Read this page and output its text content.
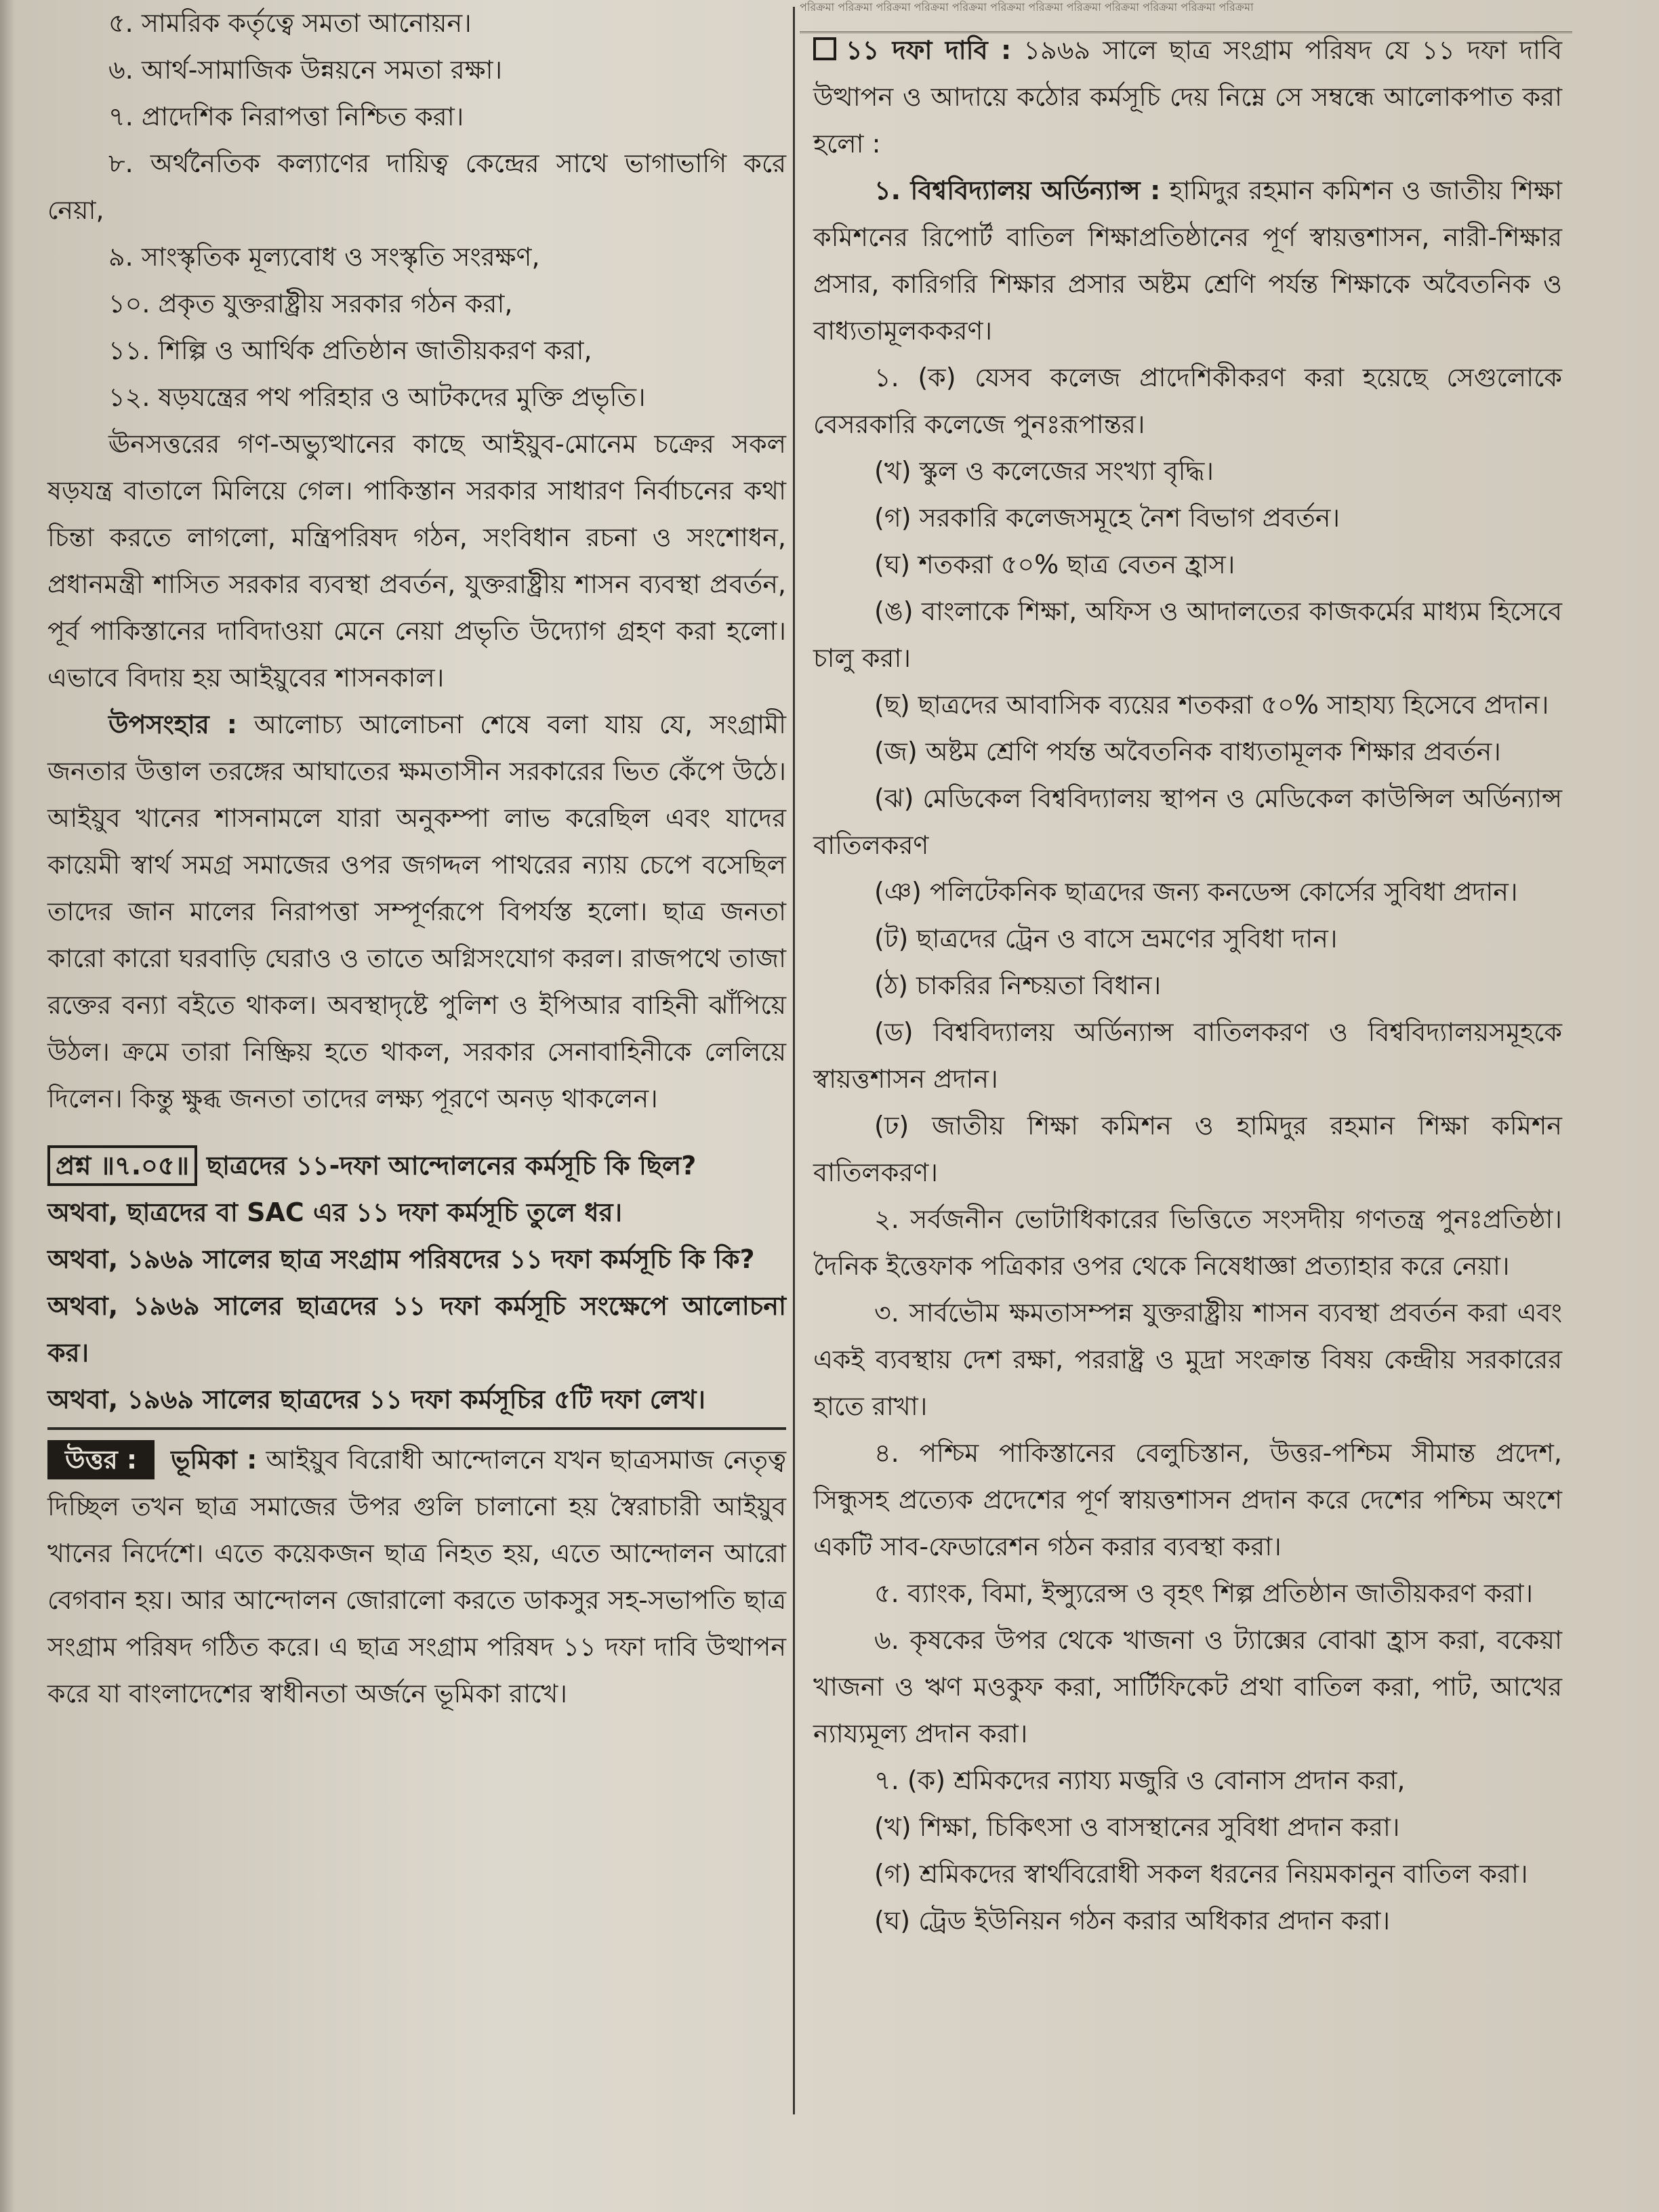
পরিক্রমা পরিক্রমা পরিক্রমা পরিক্রমা পরিক্রমা পরিক্রমা পরিক্রমা পরিক্রমা পরিক্রমা পরিক্রমা পরিক্রমা পরিক্রমা

৫. সামরিক কর্তৃত্বে সমতা আনোয়ন।

৬. আর্থ-সামাজিক উন্নয়নে সমতা রক্ষা।

৭. প্রাদেশিক নিরাপত্তা নিশ্চিত করা।

৮. অর্থনৈতিক কল্যাণের দায়িত্ব কেন্দ্রের সাথে ভাগাভাগি করে নেয়া,

৯. সাংস্কৃতিক মূল্যবোধ ও সংস্কৃতি সংরক্ষণ,

১০. প্রকৃত যুক্তরাষ্ট্রীয় সরকার গঠন করা,

১১. শিল্পি ও আর্থিক প্রতিষ্ঠান জাতীয়করণ করা,

১২. ষড়যন্ত্রের পথ পরিহার ও আটকদের মুক্তি প্রভৃতি।

ঊনসত্তরের গণ-অভ্যুত্থানের কাছে আইয়ুব-মোনেম চক্রের সকল ষড়যন্ত্র বাতালে মিলিয়ে গেল। পাকিস্তান সরকার সাধারণ নির্বাচনের কথা চিন্তা করতে লাগলো, মন্ত্রিপরিষদ গঠন, সংবিধান রচনা ও সংশোধন, প্রধানমন্ত্রী শাসিত সরকার ব্যবস্থা প্রবর্তন, যুক্তরাষ্ট্রীয় শাসন ব্যবস্থা প্রবর্তন, পূর্ব পাকিস্তানের দাবিদাওয়া মেনে নেয়া প্রভৃতি উদ্যোগ গ্রহণ করা হলো। এভাবে বিদায় হয় আইয়ুবের শাসনকাল।

উপসংহার : আলোচ্য আলোচনা শেষে বলা যায় যে, সংগ্রামী জনতার উত্তাল তরঙ্গের আঘাতের ক্ষমতাসীন সরকারের ভিত কেঁপে উঠে। আইয়ুব খানের শাসনামলে যারা অনুকম্পা লাভ করেছিল এবং যাদের কায়েমী স্বার্থ সমগ্র সমাজের ওপর জগদ্দল পাথরের ন্যায় চেপে বসেছিল তাদের জান মালের নিরাপত্তা সম্পূর্ণরূপে বিপর্যস্ত হলো। ছাত্র জনতা কারো কারো ঘরবাড়ি ঘেরাও ও তাতে অগ্নিসংযোগ করল। রাজপথে তাজা রক্তের বন্যা বইতে থাকল। অবস্থাদৃষ্টে পুলিশ ও ইপিআর বাহিনী ঝাঁপিয়ে উঠল। ক্রমে তারা নিষ্ক্রিয় হতে থাকল, সরকার সেনাবাহিনীকে লেলিয়ে দিলেন। কিন্তু ক্ষুব্ধ জনতা তাদের লক্ষ্য পূরণে অনড় থাকলেন।

প্রশ্ন ॥৭.০৫॥ ছাত্রদের ১১-দফা আন্দোলনের কর্মসূচি কি ছিল?

অথবা, ছাত্রদের বা SAC এর ১১ দফা কর্মসূচি তুলে ধর।

অথবা, ১৯৬৯ সালের ছাত্র সংগ্রাম পরিষদের ১১ দফা কর্মসূচি কি কি?

অথবা, ১৯৬৯ সালের ছাত্রদের ১১ দফা কর্মসূচি সংক্ষেপে আলোচনা কর।

অথবা, ১৯৬৯ সালের ছাত্রদের ১১ দফা কর্মসূচির ৫টি দফা লেখ।

উত্তর : ভূমিকা : আইয়ুব বিরোধী আন্দোলনে যখন ছাত্রসমাজ নেতৃত্ব দিচ্ছিল তখন ছাত্র সমাজের উপর গুলি চালানো হয় স্বৈরাচারী আইয়ুব খানের নির্দেশে। এতে কয়েকজন ছাত্র নিহত হয়, এতে আন্দোলন আরো বেগবান হয়। আর আন্দোলন জোরালো করতে ডাকসুর সহ-সভাপতি ছাত্র সংগ্রাম পরিষদ গঠিত করে। এ ছাত্র সংগ্রাম পরিষদ ১১ দফা দাবি উত্থাপন করে যা বাংলাদেশের স্বাধীনতা অর্জনে ভূমিকা রাখে।

১১ দফা দাবি : ১৯৬৯ সালে ছাত্র সংগ্রাম পরিষদ যে ১১ দফা দাবি উত্থাপন ও আদায়ে কঠোর কর্মসূচি দেয় নিম্নে সে সম্বন্ধে আলোকপাত করা হলো :

১. বিশ্ববিদ্যালয় অর্ডিন্যান্স : হামিদুর রহমান কমিশন ও জাতীয় শিক্ষা কমিশনের রিপোর্ট বাতিল শিক্ষাপ্রতিষ্ঠানের পূর্ণ স্বায়ত্তশাসন, নারী-শিক্ষার প্রসার, কারিগরি শিক্ষার প্রসার অষ্টম শ্রেণি পর্যন্ত শিক্ষাকে অবৈতনিক ও বাধ্যতামূলককরণ।

১. (ক) যেসব কলেজ প্রাদেশিকীকরণ করা হয়েছে সেগুলোকে বেসরকারি কলেজে পুনঃরূপান্তর।

(খ) স্কুল ও কলেজের সংখ্যা বৃদ্ধি।

(গ) সরকারি কলেজসমূহে নৈশ বিভাগ প্রবর্তন।

(ঘ) শতকরা ৫০% ছাত্র বেতন হ্রাস।

(ঙ) বাংলাকে শিক্ষা, অফিস ও আদালতের কাজকর্মের মাধ্যম হিসেবে চালু করা।

(ছ) ছাত্রদের আবাসিক ব্যয়ের শতকরা ৫০% সাহায্য হিসেবে প্রদান।

(জ) অষ্টম শ্রেণি পর্যন্ত অবৈতনিক বাধ্যতামূলক শিক্ষার প্রবর্তন।

(ঝ) মেডিকেল বিশ্ববিদ্যালয় স্থাপন ও মেডিকেল কাউন্সিল অর্ডিন্যান্স বাতিলকরণ

(ঞ) পলিটেকনিক ছাত্রদের জন্য কনডেন্স কোর্সের সুবিধা প্রদান।

(ট) ছাত্রদের ট্রেন ও বাসে ভ্রমণের সুবিধা দান।

(ঠ) চাকরির নিশ্চয়তা বিধান।

(ড) বিশ্ববিদ্যালয় অর্ডিন্যান্স বাতিলকরণ ও বিশ্ববিদ্যালয়সমূহকে স্বায়ত্তশাসন প্রদান।

(ঢ) জাতীয় শিক্ষা কমিশন ও হামিদুর রহমান শিক্ষা কমিশন বাতিলকরণ।

২. সর্বজনীন ভোটাধিকারের ভিত্তিতে সংসদীয় গণতন্ত্র পুনঃপ্রতিষ্ঠা। দৈনিক ইত্তেফাক পত্রিকার ওপর থেকে নিষেধাজ্ঞা প্রত্যাহার করে নেয়া।

৩. সার্বভৌম ক্ষমতাসম্পন্ন যুক্তরাষ্ট্রীয় শাসন ব্যবস্থা প্রবর্তন করা এবং একই ব্যবস্থায় দেশ রক্ষা, পররাষ্ট্র ও মুদ্রা সংক্রান্ত বিষয় কেন্দ্রীয় সরকারের হাতে রাখা।

৪. পশ্চিম পাকিস্তানের বেলুচিস্তান, উত্তর-পশ্চিম সীমান্ত প্রদেশ, সিন্ধুসহ প্রত্যেক প্রদেশের পূর্ণ স্বায়ত্তশাসন প্রদান করে দেশের পশ্চিম অংশে একটি সাব-ফেডারেশন গঠন করার ব্যবস্থা করা।

৫. ব্যাংক, বিমা, ইন্স্যুরেন্স ও বৃহৎ শিল্প প্রতিষ্ঠান জাতীয়করণ করা।

৬. কৃষকের উপর থেকে খাজনা ও ট্যাক্সের বোঝা হ্রাস করা, বকেয়া খাজনা ও ঋণ মওকুফ করা, সার্টিফিকেট প্রথা বাতিল করা, পাট, আখের ন্যায্যমূল্য প্রদান করা।

৭. (ক) শ্রমিকদের ন্যায্য মজুরি ও বোনাস প্রদান করা,

(খ) শিক্ষা, চিকিৎসা ও বাসস্থানের সুবিধা প্রদান করা।

(গ) শ্রমিকদের স্বার্থবিরোধী সকল ধরনের নিয়মকানুন বাতিল করা।

(ঘ) ট্রেড ইউনিয়ন গঠন করার অধিকার প্রদান করা।
